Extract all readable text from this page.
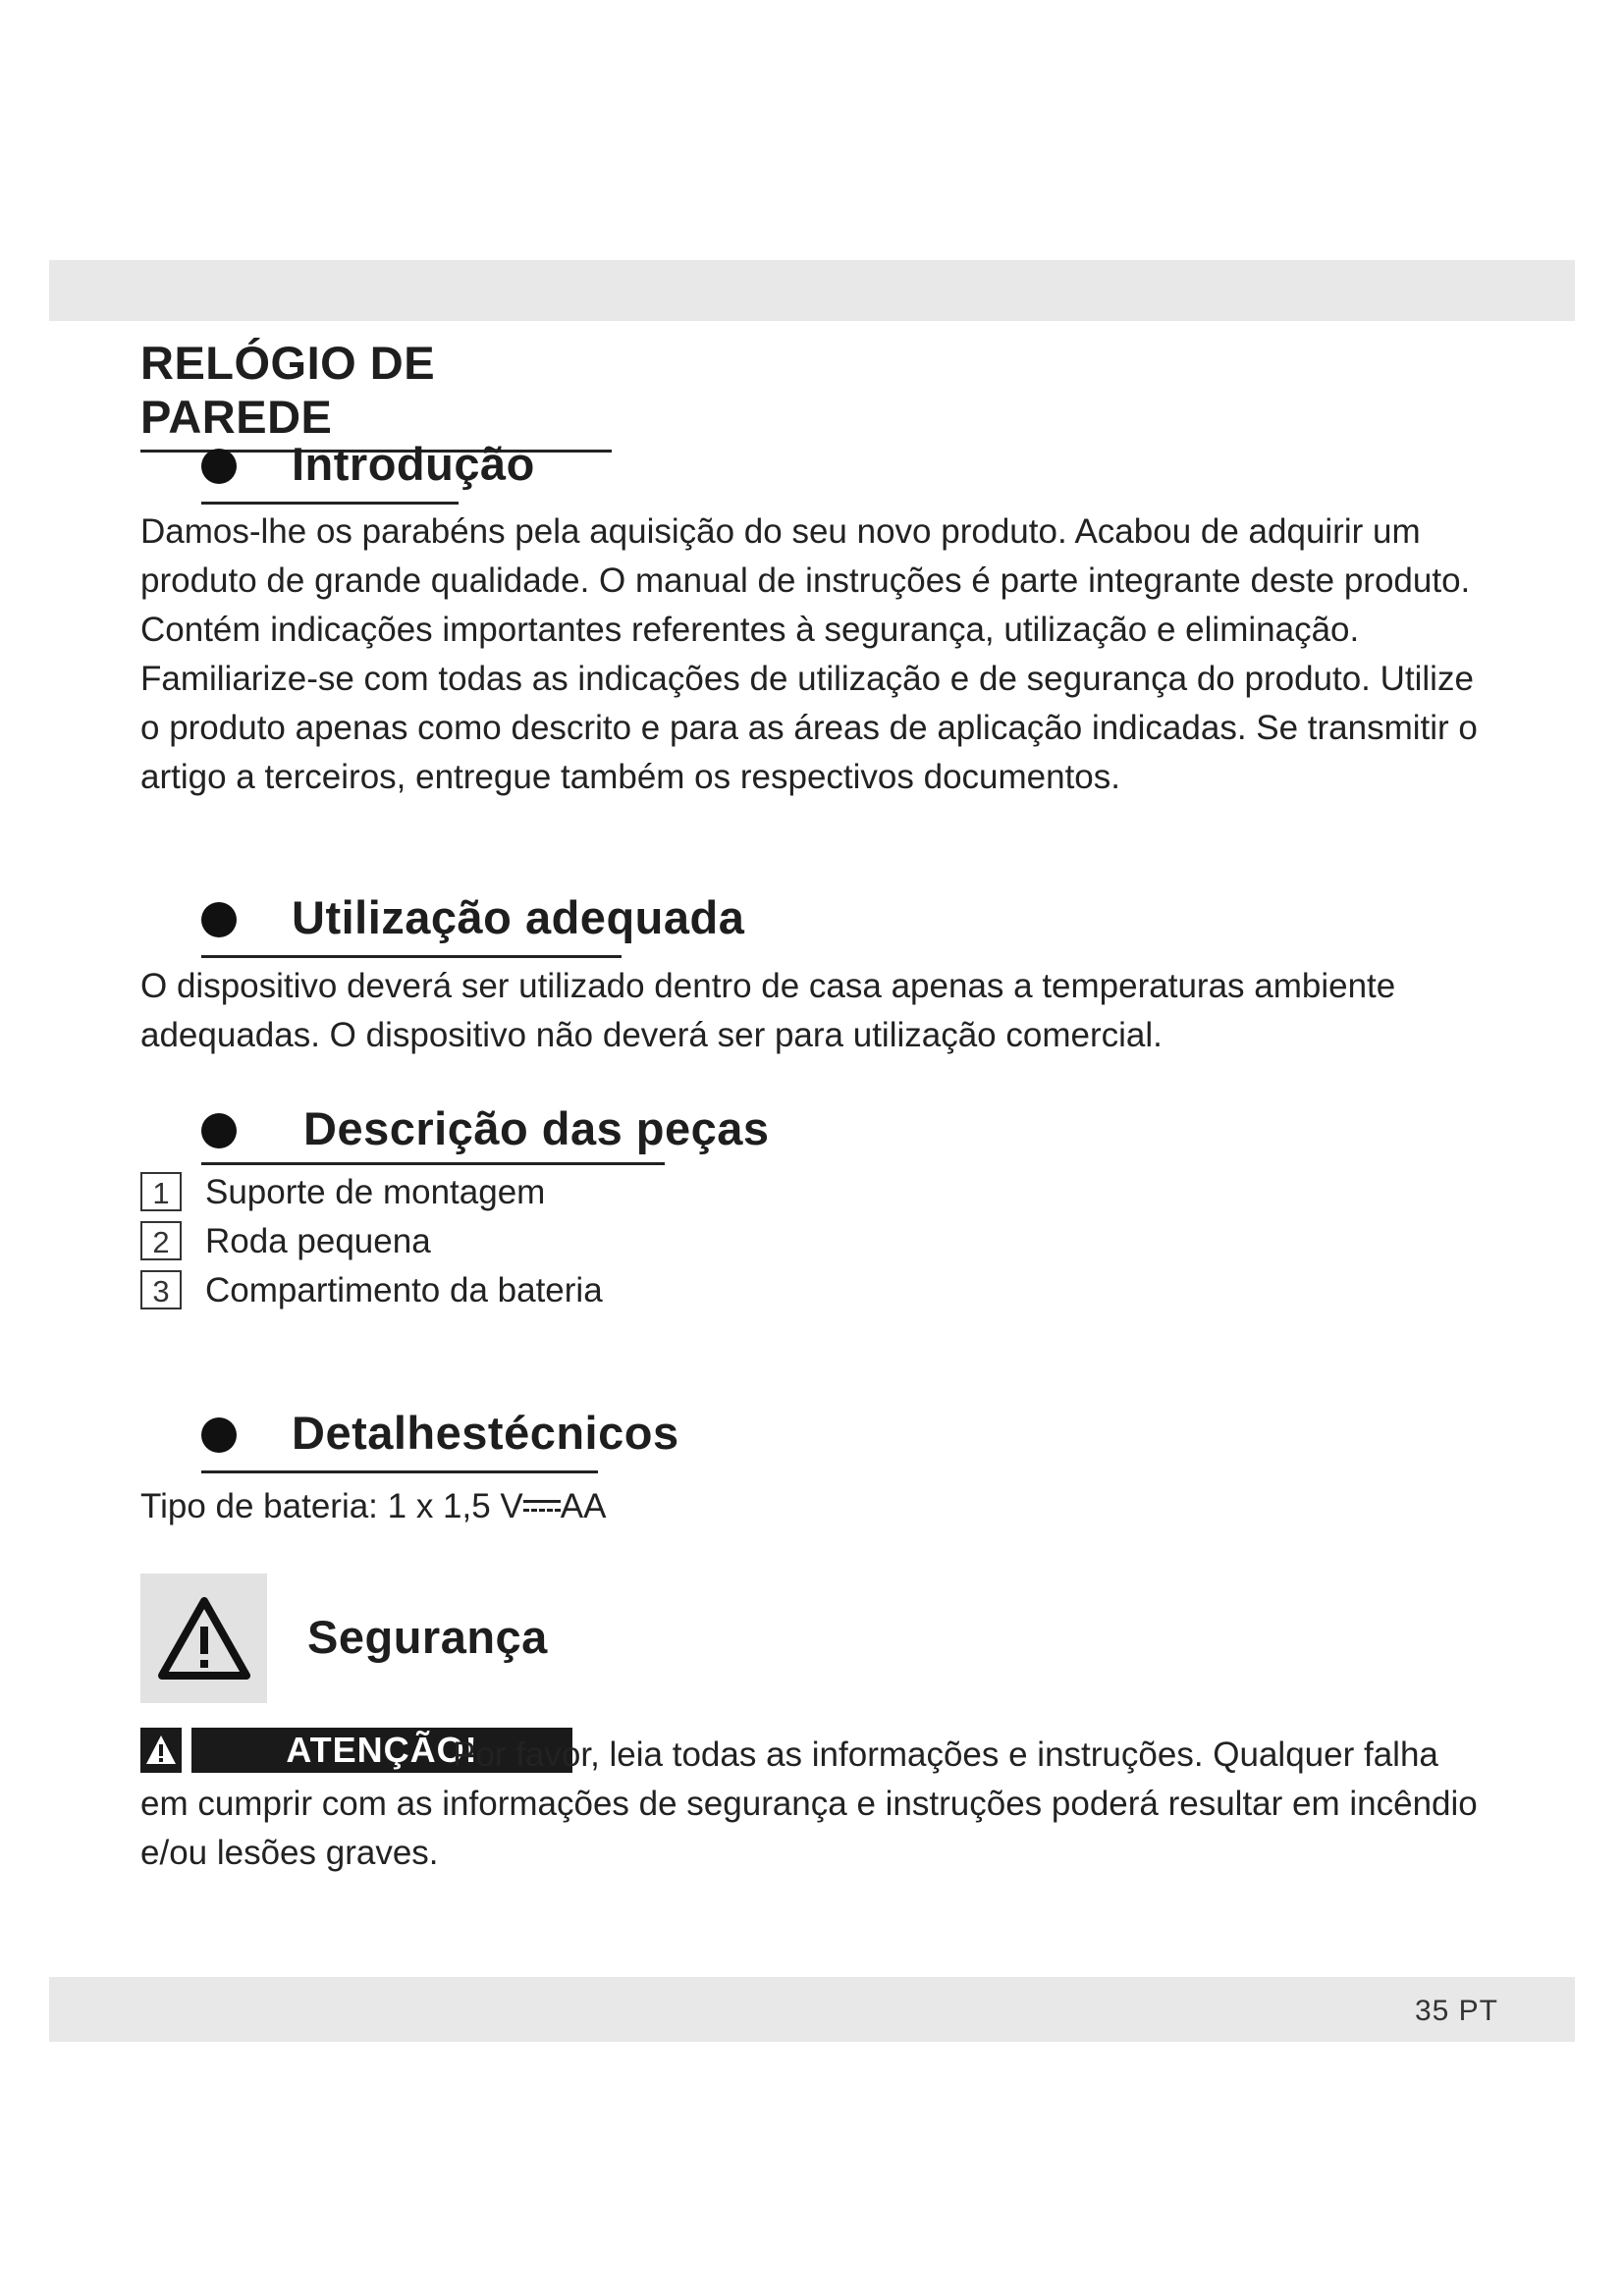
RELÓGIO DE PAREDE
Introdução

Damos-lhe os parabéns pela aquisição do seu novo produto. Acabou de adquirir um produto de grande qualidade. O manual de instruções é parte integrante deste produto. Contém indicações importantes referentes à segurança, utilização e eliminação. Familiarize-se com todas as indicações de utilização e de segurança do produto. Utilize o produto apenas como descrito e para as áreas de aplicação indicadas. Se transmitir o artigo a terceiros, entregue também os respectivos documentos.

Utilização adequada

O dispositivo deverá ser utilizado dentro de casa apenas a temperaturas ambiente adequadas. O dispositivo não deverá ser para utilização comercial.

Descrição das peças
1	Suporte de montagem
2	Roda pequena
3	Compartimento da bateria
Detalhestécnicos
Tipo de bateria: 1 x 1,5 V AA
Segurança
ATENÇÃO!

Por favor, leia todas as informações e instruções. Qualquer falha em cumprir com as informações de segurança e instruções poderá resultar em incêndio e/ou lesões graves.

35 PT
